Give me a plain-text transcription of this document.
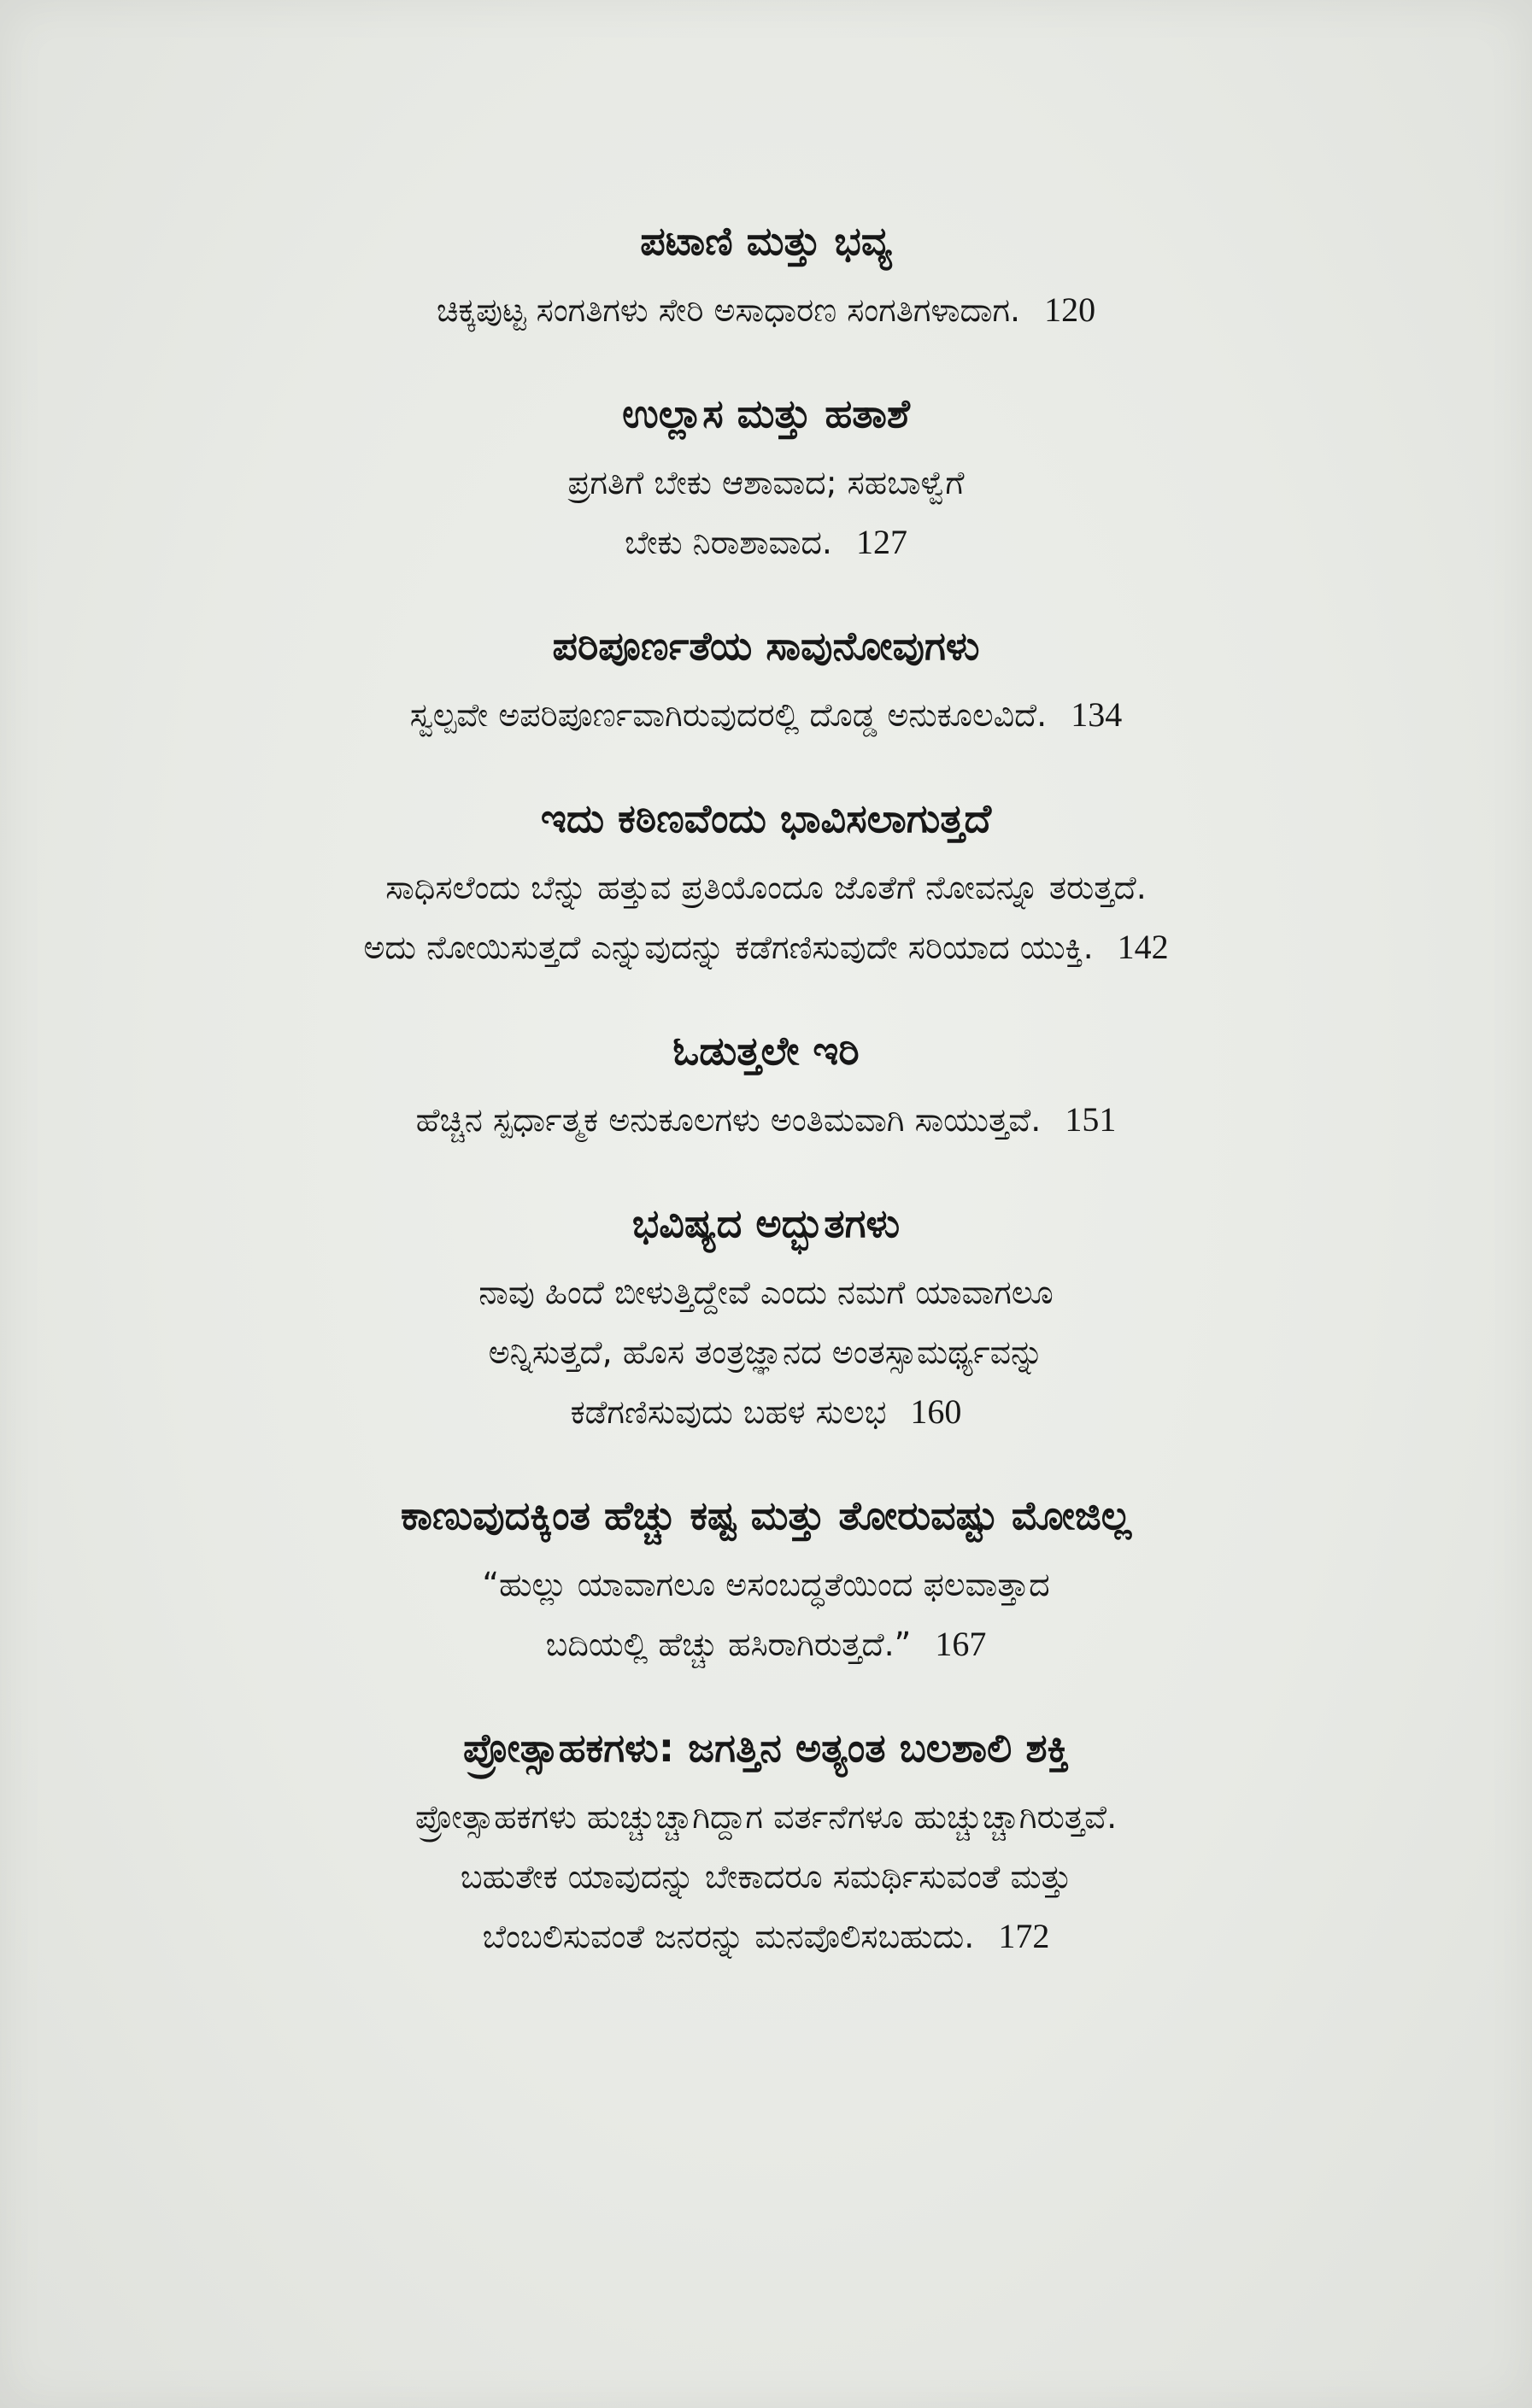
ಪಟಾಣಿ ಮತ್ತು ಭವ್ಯ
ಚಿಕ್ಕಪುಟ್ಟ ಸಂಗತಿಗಳು ಸೇರಿ ಅಸಾಧಾರಣ ಸಂಗತಿಗಳಾದಾಗ. 120
ಉಲ್ಲಾಸ ಮತ್ತು ಹತಾಶೆ
ಪ್ರಗತಿಗೆ ಬೇಕು ಆಶಾವಾದ; ಸಹಬಾಳ್ವೆಗೆ
ಬೇಕು ನಿರಾಶಾವಾದ. 127
ಪರಿಪೂರ್ಣತೆಯ ಸಾವುನೋವುಗಳು
ಸ್ವಲ್ಪವೇ ಅಪರಿಪೂರ್ಣವಾಗಿರುವುದರಲ್ಲಿ ದೊಡ್ಡ ಅನುಕೂಲವಿದೆ. 134
ಇದು ಕಠಿಣವೆಂದು ಭಾವಿಸಲಾಗುತ್ತದೆ
ಸಾಧಿಸಲೆಂದು ಬೆನ್ನು ಹತ್ತುವ ಪ್ರತಿಯೊಂದೂ ಜೊತೆಗೆ ನೋವನ್ನೂ ತರುತ್ತದೆ.
ಅದು ನೋಯಿಸುತ್ತದೆ ಎನ್ನುವುದನ್ನು ಕಡೆಗಣಿಸುವುದೇ ಸರಿಯಾದ ಯುಕ್ತಿ. 142
ಓಡುತ್ತಲೇ ಇರಿ
ಹೆಚ್ಚಿನ ಸ್ಪರ್ಧಾತ್ಮಕ ಅನುಕೂಲಗಳು ಅಂತಿಮವಾಗಿ ಸಾಯುತ್ತವೆ. 151
ಭವಿಷ್ಯದ ಅದ್ಭುತಗಳು
ನಾವು ಹಿಂದೆ ಬೀಳುತ್ತಿದ್ದೇವೆ ಎಂದು ನಮಗೆ ಯಾವಾಗಲೂ
ಅನ್ನಿಸುತ್ತದೆ, ಹೊಸ ತಂತ್ರಜ್ಞಾನದ ಅಂತಸ್ಸಾಮರ್ಥ್ಯವನ್ನು
ಕಡೆಗಣಿಸುವುದು ಬಹಳ ಸುಲಭ 160
ಕಾಣುವುದಕ್ಕಿಂತ ಹೆಚ್ಚು ಕಷ್ಟ ಮತ್ತು ತೋರುವಷ್ಟು ಮೋಜಿಲ್ಲ
“ಹುಲ್ಲು ಯಾವಾಗಲೂ ಅಸಂಬದ್ಧತೆಯಿಂದ ಫಲವಾತ್ತಾದ
ಬದಿಯಲ್ಲಿ ಹೆಚ್ಚು ಹಸಿರಾಗಿರುತ್ತದೆ.” 167
ಪ್ರೋತ್ಸಾಹಕಗಳು: ಜಗತ್ತಿನ ಅತ್ಯಂತ ಬಲಶಾಲಿ ಶಕ್ತಿ
ಪ್ರೋತ್ಸಾಹಕಗಳು ಹುಚ್ಚುಚ್ಚಾಗಿದ್ದಾಗ ವರ್ತನೆಗಳೂ ಹುಚ್ಚುಚ್ಚಾಗಿರುತ್ತವೆ.
ಬಹುತೇಕ ಯಾವುದನ್ನು ಬೇಕಾದರೂ ಸಮರ್ಥಿಸುವಂತೆ ಮತ್ತು
ಬೆಂಬಲಿಸುವಂತೆ ಜನರನ್ನು ಮನವೊಲಿಸಬಹುದು. 172
